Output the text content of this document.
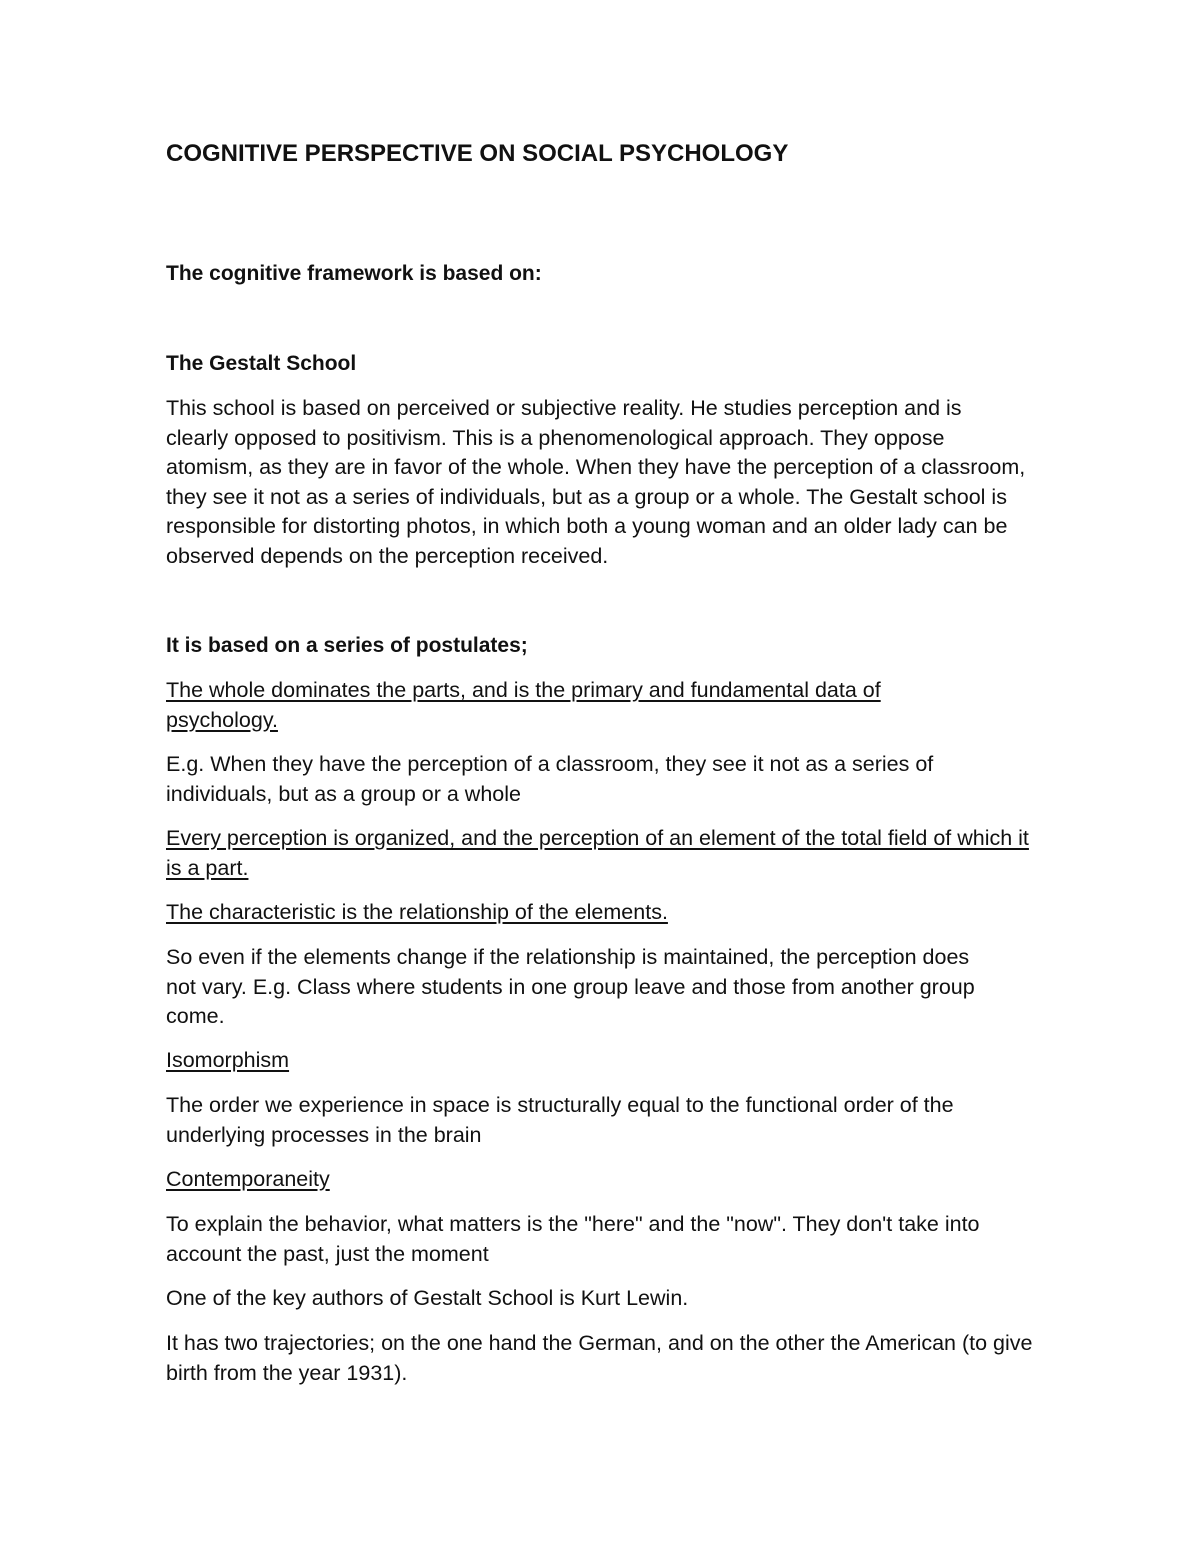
COGNITIVE PERSPECTIVE ON SOCIAL PSYCHOLOGY

The cognitive framework is based on:

The Gestalt School

This school is based on perceived or subjective reality. He studies perception and is clearly opposed to positivism. This is a phenomenological approach. They oppose atomism, as they are in favor of the whole. When they have the perception of a classroom, they see it not as a series of individuals, but as a group or a whole. The Gestalt school is responsible for distorting photos, in which both a young woman and an older lady can be observed depends on the perception received.

It is based on a series of postulates;

The whole dominates the parts, and is the primary and fundamental data of psychology.

E.g. When they have the perception of a classroom, they see it not as a series of individuals, but as a group or a whole

Every perception is organized, and the perception of an element of the total field of which it is a part.

The characteristic is the relationship of the elements.

So even if the elements change if the relationship is maintained, the perception does not vary. E.g. Class where students in one group leave and those from another group come.

Isomorphism

The order we experience in space is structurally equal to the functional order of the underlying processes in the brain

Contemporaneity

To explain the behavior, what matters is the "here" and the "now". They don't take into account the past, just the moment

One of the key authors of Gestalt School is Kurt Lewin.

It has two trajectories; on the one hand the German, and on the other the American (to give birth from the year 1931).
